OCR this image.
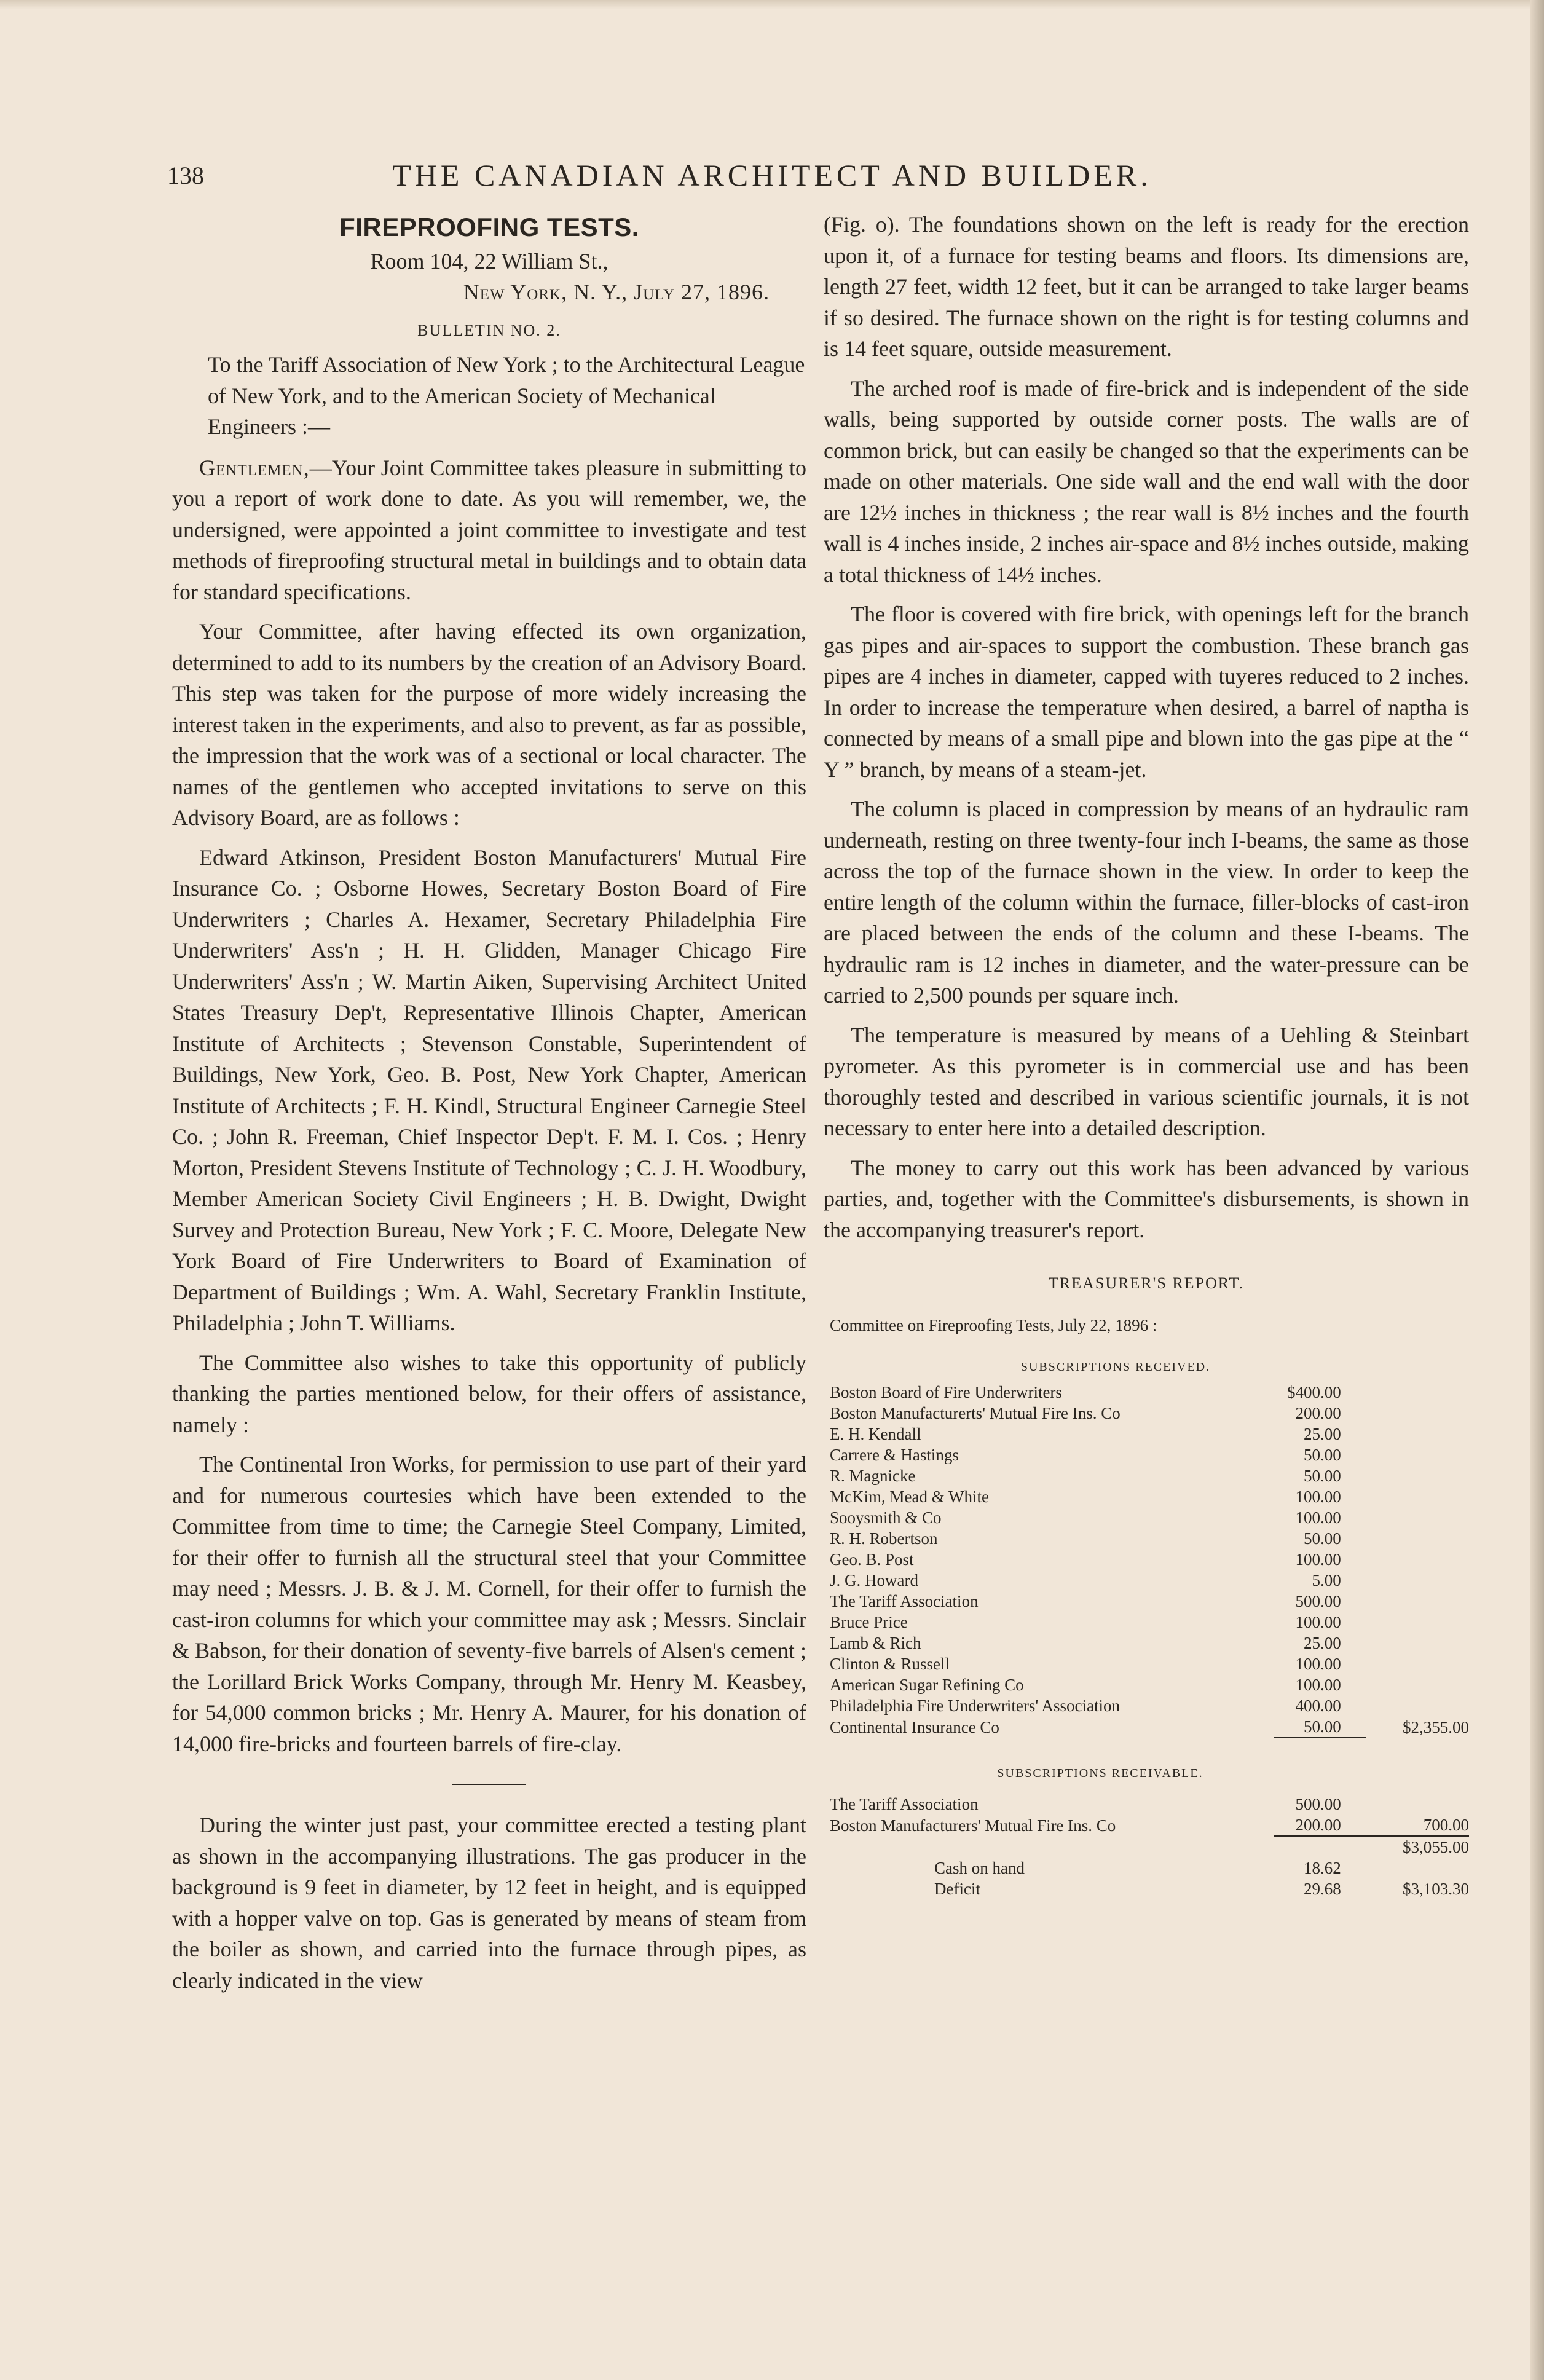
138	THE CANADIAN ARCHITECT AND BUILDER.
FIREPROOFING TESTS.
Room 104, 22 William St.,
New York, N. Y., July 27, 1896.
BULLETIN NO. 2.

To the Tariff Association of New York ; to the Architectural League of New York, and to the American Society of Mechanical Engineers :—

Gentlemen,—Your Joint Committee takes pleasure in submitting to you a report of work done to date. As you will remember, we, the undersigned, were appointed a joint committee to investigate and test methods of fireproofing structural metal in buildings and to obtain data for standard specifications.

Your Committee, after having effected its own organization, determined to add to its numbers by the creation of an Advisory Board. This step was taken for the purpose of more widely increasing the interest taken in the experiments, and also to prevent, as far as possible, the impression that the work was of a sectional or local character. The names of the gentlemen who accepted invitations to serve on this Advisory Board, are as follows :

Edward Atkinson, President Boston Manufacturers' Mutual Fire Insurance Co. ; Osborne Howes, Secretary Boston Board of Fire Underwriters ; Charles A. Hexamer, Secretary Philadelphia Fire Underwriters' Ass'n ; H. H. Glidden, Manager Chicago Fire Underwriters' Ass'n ; W. Martin Aiken, Supervising Architect United States Treasury Dep't, Representative Illinois Chapter, American Institute of Architects ; Stevenson Constable, Superintendent of Buildings, New York, Geo. B. Post, New York Chapter, American Institute of Architects ; F. H. Kindl, Structural Engineer Carnegie Steel Co. ; John R. Freeman, Chief Inspector Dep't. F. M. I. Cos. ; Henry Morton, President Stevens Institute of Technology ; C. J. H. Woodbury, Member American Society Civil Engineers ; H. B. Dwight, Dwight Survey and Protection Bureau, New York ; F. C. Moore, Delegate New York Board of Fire Underwriters to Board of Examination of Department of Buildings ; Wm. A. Wahl, Secretary Franklin Institute, Philadelphia ; John T. Williams.

The Committee also wishes to take this opportunity of publicly thanking the parties mentioned below, for their offers of assistance, namely :

The Continental Iron Works, for permission to use part of their yard and for numerous courtesies which have been extended to the Committee from time to time; the Carnegie Steel Company, Limited, for their offer to furnish all the structural steel that your Committee may need ; Messrs. J. B. & J. M. Cornell, for their offer to furnish the cast-iron columns for which your committee may ask ; Messrs. Sinclair & Babson, for their donation of seventy-five barrels of Alsen's cement ; the Lorillard Brick Works Company, through Mr. Henry M. Keasbey, for 54,000 common bricks ; Mr. Henry A. Maurer, for his donation of 14,000 fire-bricks and fourteen barrels of fire-clay.

During the winter just past, your committee erected a testing plant as shown in the accompanying illustrations. The gas producer in the background is 9 feet in diameter, by 12 feet in height, and is equipped with a hopper valve on top. Gas is generated by means of steam from the boiler as shown, and carried into the furnace through pipes, as clearly indicated in the view

(Fig. o). The foundations shown on the left is ready for the erection upon it, of a furnace for testing beams and floors. Its dimensions are, length 27 feet, width 12 feet, but it can be arranged to take larger beams if so desired. The furnace shown on the right is for testing columns and is 14 feet square, outside measurement.

The arched roof is made of fire-brick and is independent of the side walls, being supported by outside corner posts. The walls are of common brick, but can easily be changed so that the experiments can be made on other materials. One side wall and the end wall with the door are 12½ inches in thickness ; the rear wall is 8½ inches and the fourth wall is 4 inches inside, 2 inches air-space and 8½ inches outside, making a total thickness of 14½ inches.

The floor is covered with fire brick, with openings left for the branch gas pipes and air-spaces to support the combustion. These branch gas pipes are 4 inches in diameter, capped with tuyeres reduced to 2 inches. In order to increase the temperature when desired, a barrel of naptha is connected by means of a small pipe and blown into the gas pipe at the “ Y ” branch, by means of a steam-jet.

The column is placed in compression by means of an hydraulic ram underneath, resting on three twenty-four inch I-beams, the same as those across the top of the furnace shown in the view. In order to keep the entire length of the column within the furnace, filler-blocks of cast-iron are placed between the ends of the column and these I-beams. The hydraulic ram is 12 inches in diameter, and the water-pressure can be carried to 2,500 pounds per square inch.

The temperature is measured by means of a Uehling & Steinbart pyrometer. As this pyrometer is in commercial use and has been thoroughly tested and described in various scientific journals, it is not necessary to enter here into a detailed description.

The money to carry out this work has been advanced by various parties, and, together with the Committee's disbursements, is shown in the accompanying treasurer's report.

TREASURER'S REPORT.
Committee on Fireproofing Tests, July 22, 1896 :
SUBSCRIPTIONS RECEIVED.
Boston Board of Fire Underwriters	$400.00	
Boston Manufacturerts' Mutual Fire Ins. Co	200.00	
E. H. Kendall	25.00	
Carrere & Hastings	50.00	
R. Magnicke	50.00	
McKim, Mead & White	100.00	
Sooysmith & Co	100.00	
R. H. Robertson	50.00	
Geo. B. Post	100.00	
J. G. Howard	5.00	
The Tariff Association	500.00	
Bruce Price	100.00	
Lamb & Rich	25.00	
Clinton & Russell	100.00	
American Sugar Refining Co	100.00	
Philadelphia Fire Underwriters' Association	400.00	
Continental Insurance Co	50.00	$2,355.00

SUBSCRIPTIONS RECEIVABLE.		

The Tariff Association	500.00	
Boston Manufacturers' Mutual Fire Ins. Co	200.00	700.00
		$3,055.00
Cash on hand	18.62	
Deficit	29.68	$3,103.30
